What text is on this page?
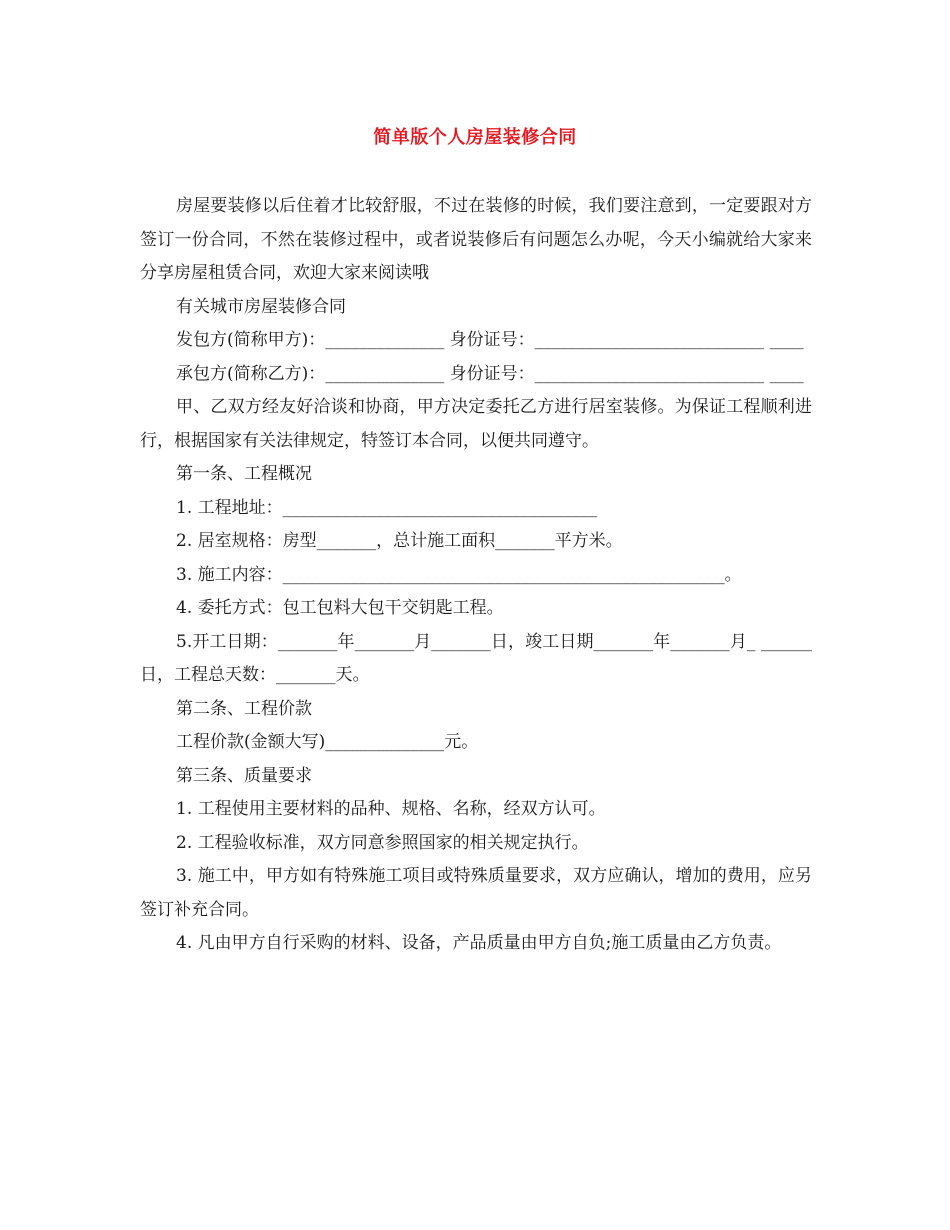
简单版个人房屋装修合同

房屋要装修以后住着才比较舒服，不过在装修的时候，我们要注意到，一定要跟对方签订一份合同，不然在装修过程中，或者说装修后有问题怎么办呢，今天小编就给大家来分享房屋租赁合同，欢迎大家来阅读哦

有关城市房屋装修合同

发包方(简称甲方)：______________ 身份证号：___________________________ ____

承包方(简称乙方)：______________ 身份证号：___________________________ ____

甲、乙双方经友好洽谈和协商，甲方决定委托乙方进行居室装修。为保证工程顺利进行，根据国家有关法律规定，特签订本合同，以便共同遵守。

第一条、工程概况

1. 工程地址：_____________________________________

2. 居室规格：房型_______，总计施工面积_______平方米。

3. 施工内容：____________________________________________________。

4. 委托方式：包工包料大包干交钥匙工程。

5.开工日期：_______年_______月_______日，竣工日期_______年_______月_ ______日，工程总天数：_______天。

第二条、工程价款

工程价款(金额大写)______________元。

第三条、质量要求

1. 工程使用主要材料的品种、规格、名称，经双方认可。

2. 工程验收标准，双方同意参照国家的相关规定执行。

3. 施工中，甲方如有特殊施工项目或特殊质量要求，双方应确认，增加的费用，应另签订补充合同。

4. 凡由甲方自行采购的材料、设备，产品质量由甲方自负;施工质量由乙方负责。
